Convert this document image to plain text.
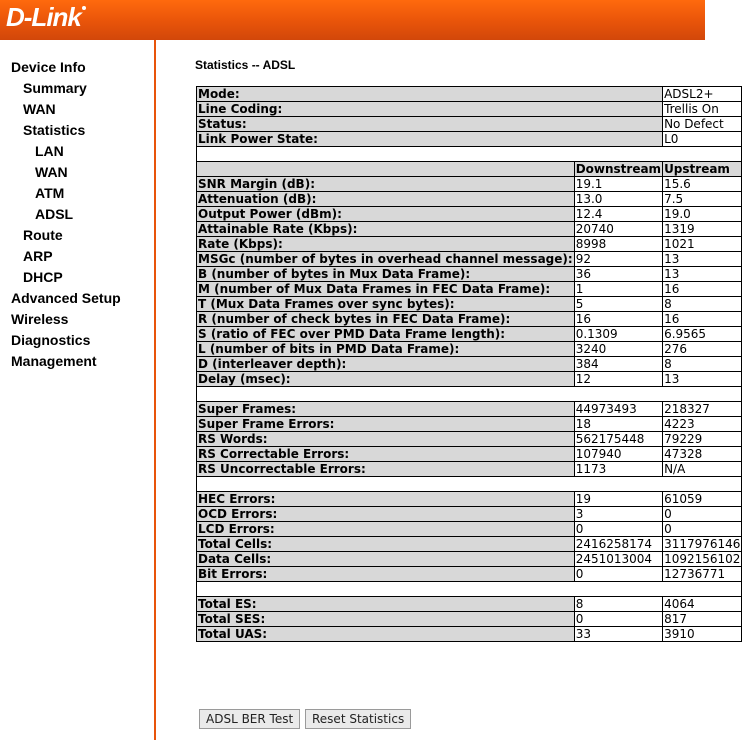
D-Link
Device Info
Summary
WAN
Statistics
LAN
WAN
ATM
ADSL
Route
ARP
DHCP
Advanced Setup
Wireless
Diagnostics
Management
Statistics -- ADSL
Mode:		ADSL2+
Line Coding:		Trellis On
Status:		No Defect
Link Power State:		L0

	Downstream	Upstream
SNR Margin (dB):	19.1	15.6
Attenuation (dB):	13.0	7.5
Output Power (dBm):	12.4	19.0
Attainable Rate (Kbps):	20740	1319
Rate (Kbps):	8998	1021
MSGc (number of bytes in overhead channel message):	92	13
B (number of bytes in Mux Data Frame):	36	13
M (number of Mux Data Frames in FEC Data Frame):	1	16
T (Mux Data Frames over sync bytes):	5	8
R (number of check bytes in FEC Data Frame):	16	16
S (ratio of FEC over PMD Data Frame length):	0.1309	6.9565
L (number of bits in PMD Data Frame):	3240	276
D (interleaver depth):	384	8
Delay (msec):	12	13

Super Frames:	44973493	218327
Super Frame Errors:	18	4223
RS Words:	562175448	79229
RS Correctable Errors:	107940	47328
RS Uncorrectable Errors:	1173	N/A

HEC Errors:	19	61059
OCD Errors:	3	0
LCD Errors:	0	0
Total Cells:	2416258174	3117976146
Data Cells:	2451013004	1092156102
Bit Errors:	0	12736771

Total ES:	8	4064
Total SES:	0	817
Total UAS:	33	3910
ADSL BER Test	Reset Statistics
